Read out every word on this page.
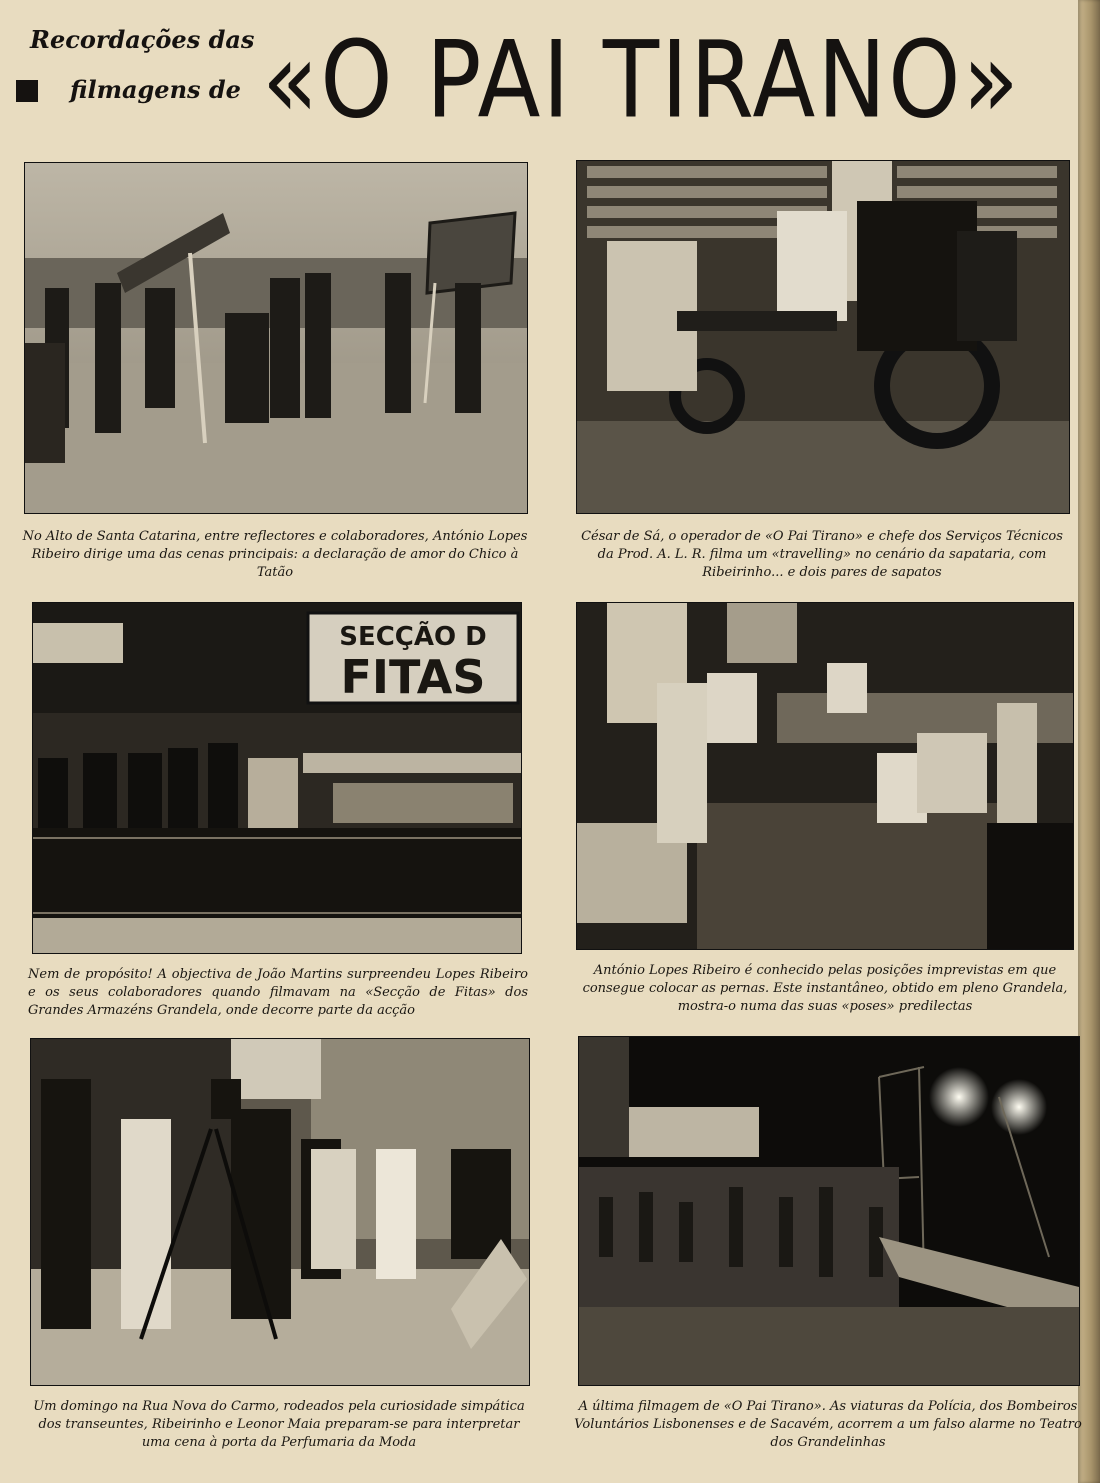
Recordações das
filmagens de «O PAI TIRANO»
No Alto de Santa Catarina, entre reflectores e colaboradores, António Lopes Ribeiro dirige uma das cenas principais: a declaração de amor do Chico à Tatão
César de Sá, o operador de «O Pai Tirano» e chefe dos Serviços Técnicos da Prod. A. L. R. filma um «travelling» no cenário da sapataria, com Ribeirinho... e dois pares de sapatos
SECÇÃO D
FITAS
Nem de propósito! A objectiva de João Martins surpreendeu Lopes Ribeiro e os seus colaboradores quando filmavam na «Secção de Fitas» dos Grandes Armazéns Grandela, onde decorre parte da acção
António Lopes Ribeiro é conhecido pelas posições imprevistas em que consegue colocar as pernas. Este instantâneo, obtido em pleno Grandela, mostra-o numa das suas «poses» predilectas
Um domingo na Rua Nova do Carmo, rodeados pela curiosidade simpática dos transeuntes, Ribeirinho e Leonor Maia preparam-se para interpretar uma cena à porta da Perfumaria da Moda
A última filmagem de «O Pai Tirano». As viaturas da Polícia, dos Bombeiros Voluntários Lisbonenses e de Sacavém, acorrem a um falso alarme no Teatro dos Grandelinhas
